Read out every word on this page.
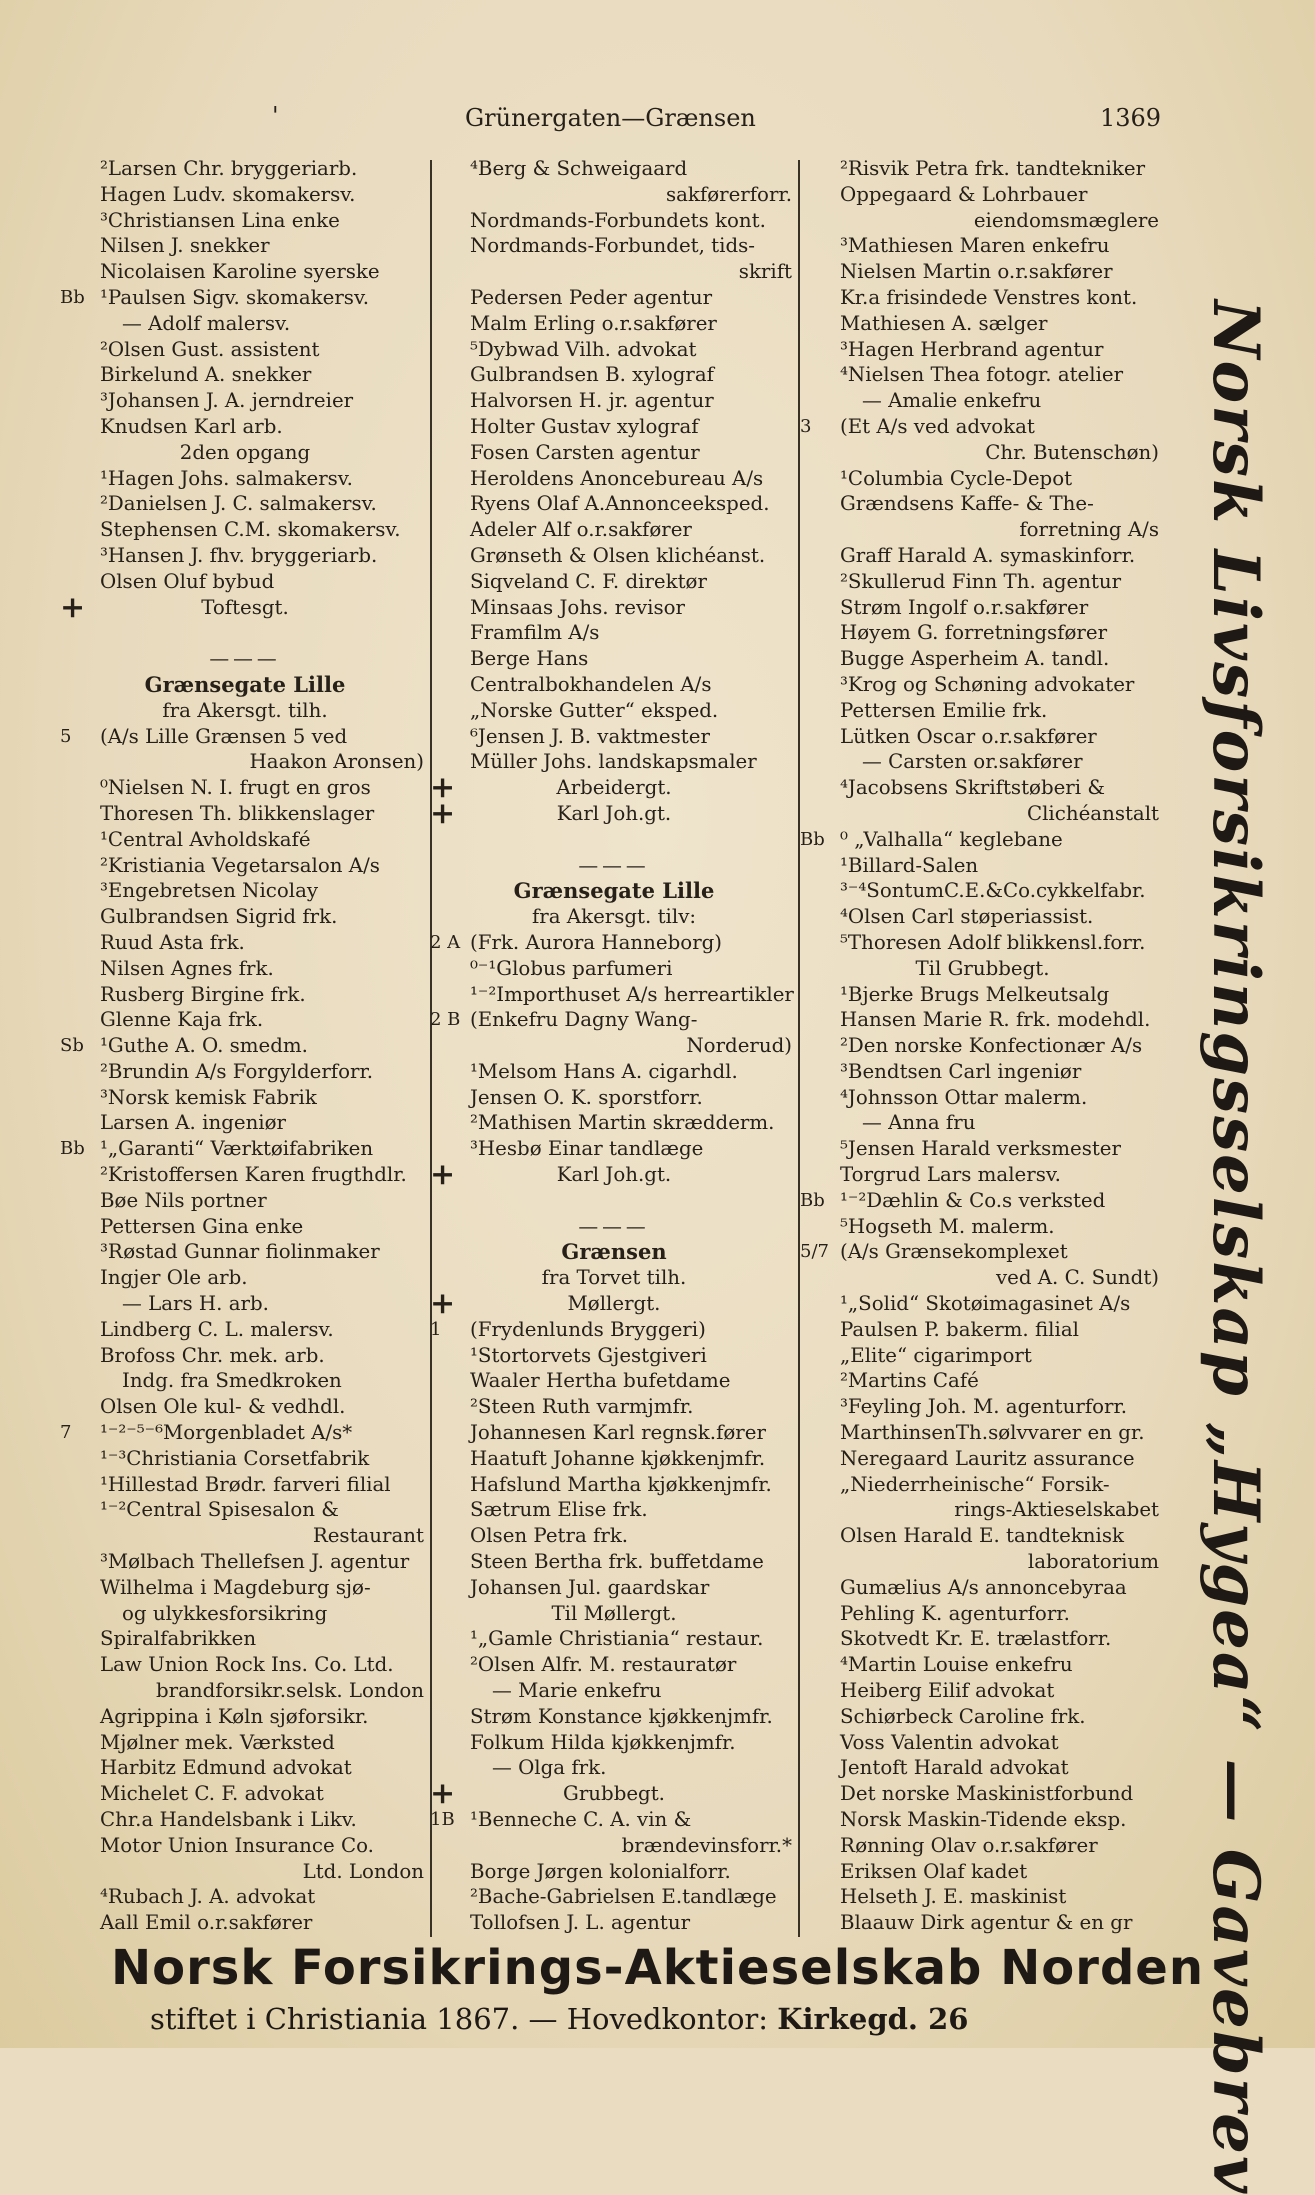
'	Grünergaten—Grænsen	1369
²Larsen Chr. bryggeriarb.
Hagen Ludv. skomakersv.
³Christiansen Lina enke
Nilsen J. snekker
Nicolaisen Karoline syerske
Bb ¹Paulsen Sigv. skomakersv.
— Adolf malersv.
²Olsen Gust. assistent
Birkelund A. snekker
³Johansen J. A. jerndreier
Knudsen Karl arb.
2den opgang
¹Hagen Johs. salmakersv.
²Danielsen J. C. salmakersv.
Stephensen C.M. skomakersv.
³Hansen J. fhv. bryggeriarb.
Olsen Oluf bybud
+	Toftesgt.
———
Grænsegate Lille
fra Akersgt. tilh.
5 (A/s Lille Grænsen 5 ved
Haakon Aronsen)
⁰Nielsen N. I. frugt en gros
Thoresen Th. blikkenslager
¹Central Avholdskafé
²Kristiania Vegetarsalon A/s
³Engebretsen Nicolay
Gulbrandsen Sigrid frk.
Ruud Asta frk.
Nilsen Agnes frk.
Rusberg Birgine frk.
Glenne Kaja frk.
Sb ¹Guthe A. O. smedm.
²Brundin A/s Forgylderforr.
³Norsk kemisk Fabrik
Larsen A. ingeniør
Bb ¹„Garanti“ Værktøifabriken
²Kristoffersen Karen frugthdlr.
Bøe Nils portner
Pettersen Gina enke
³Røstad Gunnar fiolinmaker
Ingjer Ole arb.
— Lars H. arb.
Lindberg C. L. malersv.
Brofoss Chr. mek. arb.
Indg. fra Smedkroken
Olsen Ole kul- & vedhdl.
7 ¹⁻²⁻⁵⁻⁶Morgenbladet A/s*
¹⁻³Christiania Corsetfabrik
¹Hillestad Brødr. farveri filial
¹⁻²Central Spisesalon &
Restaurant
³Mølbach Thellefsen J. agentur
Wilhelma i Magdeburg sjø-
og ulykkesforsikring
Spiralfabrikken
Law Union Rock Ins. Co. Ltd.
brandforsikr.selsk. London
Agrippina i Køln sjøforsikr.
Mjølner mek. Værksted
Harbitz Edmund advokat
Michelet C. F. advokat
Chr.a Handelsbank i Likv.
Motor Union Insurance Co.
Ltd. London
⁴Rubach J. A. advokat
Aall Emil o.r.sakfører
⁴Berg & Schweigaard
sakførerforr.
Nordmands-Forbundets kont.
Nordmands-Forbundet, tids-
skrift
Pedersen Peder agentur
Malm Erling o.r.sakfører
⁵Dybwad Vilh. advokat
Gulbrandsen B. xylograf
Halvorsen H. jr. agentur
Holter Gustav xylograf
Fosen Carsten agentur
Heroldens Anoncebureau A/s
Ryens Olaf A.Annonceeksped.
Adeler Alf o.r.sakfører
Grønseth & Olsen klichéanst.
Siqveland C. F. direktør
Minsaas Johs. revisor
Framfilm A/s
Berge Hans
Centralbokhandelen A/s
„Norske Gutter“ eksped.
⁶Jensen J. B. vaktmester
Müller Johs. landskapsmaler
+	Arbeidergt.
+	Karl Joh.gt.
———
Grænsegate Lille
fra Akersgt. tilv:
2 A (Frk. Aurora Hanneborg)
⁰⁻¹Globus parfumeri
¹⁻²Importhuset A/s herreartikler
2 B (Enkefru Dagny Wang-
Norderud)
¹Melsom Hans A. cigarhdl.
Jensen O. K. sporstforr.
²Mathisen Martin skrædderm.
³Hesbø Einar tandlæge
+	Karl Joh.gt.
———
Grænsen
fra Torvet tilh.
+	Møllergt.
1 (Frydenlunds Bryggeri)
¹Stortorvets Gjestgiveri
Waaler Hertha bufetdame
²Steen Ruth varmjmfr.
Johannesen Karl regnsk.fører
Haatuft Johanne kjøkkenjmfr.
Hafslund Martha kjøkkenjmfr.
Sætrum Elise frk.
Olsen Petra frk.
Steen Bertha frk. buffetdame
Johansen Jul. gaardskar
Til Møllergt.
¹„Gamle Christiania“ restaur.
²Olsen Alfr. M. restauratør
— Marie enkefru
Strøm Konstance kjøkkenjmfr.
Folkum Hilda kjøkkenjmfr.
— Olga frk.
+	Grubbegt.
1B ¹Benneche C. A. vin &
brændevinsforr.*
Borge Jørgen kolonialforr.
²Bache-Gabrielsen E.tandlæge
Tollofsen J. L. agentur
²Risvik Petra frk. tandtekniker
Oppegaard & Lohrbauer
eiendomsmæglere
³Mathiesen Maren enkefru
Nielsen Martin o.r.sakfører
Kr.a frisindede Venstres kont.
Mathiesen A. sælger
³Hagen Herbrand agentur
⁴Nielsen Thea fotogr. atelier
— Amalie enkefru
3 (Et A/s ved advokat
Chr. Butenschøn)
¹Columbia Cycle-Depot
Grændsens Kaffe- & The-
forretning A/s
Graff Harald A. symaskinforr.
²Skullerud Finn Th. agentur
Strøm Ingolf o.r.sakfører
Høyem G. forretningsfører
Bugge Asperheim A. tandl.
³Krog og Schøning advokater
Pettersen Emilie frk.
Lütken Oscar o.r.sakfører
— Carsten or.sakfører
⁴Jacobsens Skriftstøberi &
Clichéanstalt
Bb ⁰ „Valhalla“ keglebane
¹Billard-Salen
³⁻⁴SontumC.E.&Co.cykkelfabr.
⁴Olsen Carl støperiassist.
⁵Thoresen Adolf blikkensl.forr.
Til Grubbegt.
¹Bjerke Brugs Melkeutsalg
Hansen Marie R. frk. modehdl.
²Den norske Konfectionær A/s
³Bendtsen Carl ingeniør
⁴Johnsson Ottar malerm.
— Anna fru
⁵Jensen Harald verksmester
Torgrud Lars malersv.
Bb ¹⁻²Dæhlin & Co.s verksted
⁵Hogseth M. malerm.
5/7 (A/s Grænsekomplexet
ved A. C. Sundt)
¹„Solid“ Skotøimagasinet A/s
Paulsen P. bakerm. filial
„Elite“ cigarimport
²Martins Café
³Feyling Joh. M. agenturforr.
MarthinsenTh.sølvvarer en gr.
Neregaard Lauritz assurance
„Niederrheinische“ Forsik-
rings-Aktieselskabet
Olsen Harald E. tandteknisk
laboratorium
Gumælius A/s annoncebyraa
Pehling K. agenturforr.
Skotvedt Kr. E. trælastforr.
⁴Martin Louise enkefru
Heiberg Eilif advokat
Schiørbeck Caroline frk.
Voss Valentin advokat
Jentoft Harald advokat
Det norske Maskinistforbund
Norsk Maskin-Tidende eksp.
Rønning Olav o.r.sakfører
Eriksen Olaf kadet
Helseth J. E. maskinist
Blaauw Dirk agentur & en gr Norsk Livsforsikringsselskap „Hygea“ — Gavebrev
Norsk Forsikrings-Aktieselskab Norden
stiftet i Christiania 1867. — Hovedkontor: Kirkegd. 26
